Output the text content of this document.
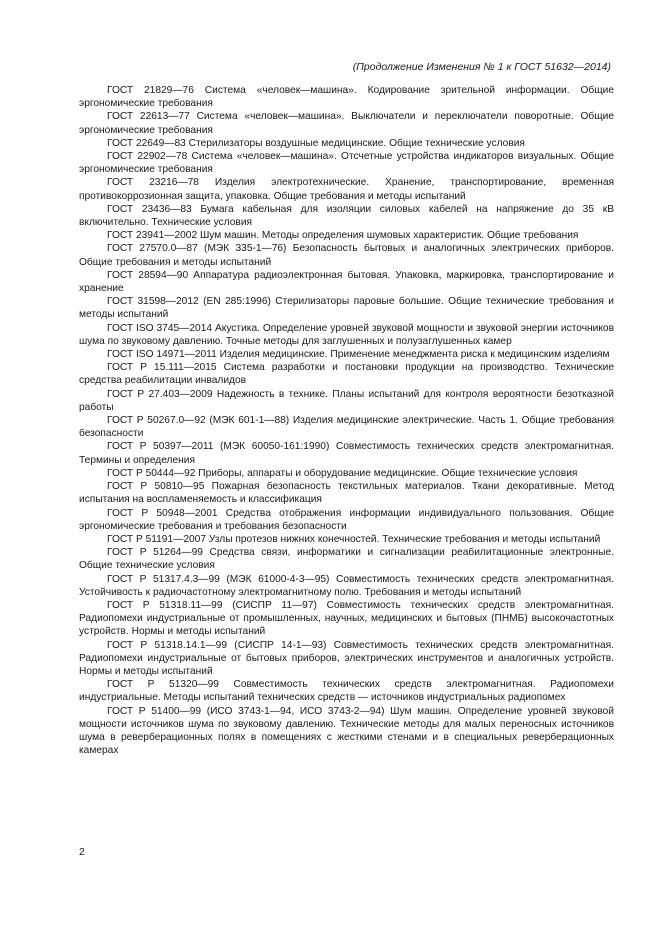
(Продолжение Изменения № 1 к ГОСТ 51632—2014)

ГОСТ 21829—76 Система «человек—машина». Кодирование зрительной информации. Общие эргономические требования

ГОСТ 22613—77 Система «человек—машина». Выключатели и переключатели поворотные. Общие эргономические требования

ГОСТ 22649—83 Стерилизаторы воздушные медицинские. Общие технические условия

ГОСТ 22902—78 Система «человек—машина». Отсчетные устройства индикаторов визуальных. Общие эргономические требования

ГОСТ 23216—78 Изделия электротехнические. Хранение, транспортирование, временная противокоррозионная защита, упаковка. Общие требования и методы испытаний

ГОСТ 23436—83 Бумага кабельная для изоляции силовых кабелей на напряжение до 35 кВ включительно. Технические условия

ГОСТ 23941—2002 Шум машин. Методы определения шумовых характеристик. Общие требования

ГОСТ 27570.0—87 (МЭК 335-1—76) Безопасность бытовых и аналогичных электрических приборов. Общие требования и методы испытаний

ГОСТ 28594—90 Аппаратура радиоэлектронная бытовая. Упаковка, маркировка, транспортирование и хранение

ГОСТ 31598—2012 (EN 285:1996) Стерилизаторы паровые большие. Общие технические требования и методы испытаний

ГОСТ ISO 3745—2014 Акустика. Определение уровней звуковой мощности и звуковой энергии источников шума по звуковому давлению. Точные методы для заглушенных и полузаглушенных камер

ГОСТ ISO 14971—2011 Изделия медицинские. Применение менеджмента риска к медицинским изделиям

ГОСТ Р 15.111—2015 Система разработки и постановки продукции на производство. Технические средства реабилитации инвалидов

ГОСТ Р 27.403—2009 Надежность в технике. Планы испытаний для контроля вероятности безотказной работы

ГОСТ Р 50267.0—92 (МЭК 601-1—88) Изделия медицинские электрические. Часть 1. Общие требования безопасности

ГОСТ Р 50397—2011 (МЭК 60050-161:1990) Совместимость технических средств электромагнитная. Термины и определения

ГОСТ Р 50444—92 Приборы, аппараты и оборудование медицинские. Общие технические условия

ГОСТ Р 50810—95 Пожарная безопасность текстильных материалов. Ткани декоративные. Метод испытания на воспламеняемость и классификация

ГОСТ Р 50948—2001 Средства отображения информации индивидуального пользования. Общие эргономические требования и требования безопасности

ГОСТ Р 51191—2007 Узлы протезов нижних конечностей. Технические требования и методы испытаний

ГОСТ Р 51264—99 Средства связи, информатики и сигнализации реабилитационные электронные. Общие технические условия

ГОСТ Р 51317.4.3—99 (МЭК 61000-4-3—95) Совместимость технических средств электромагнитная. Устойчивость к радиочастотному электромагнитному полю. Требования и методы испытаний

ГОСТ Р 51318.11—99 (СИСПР 11—97) Совместимость технических средств электромагнитная. Радиопомехи индустриальные от промышленных, научных, медицинских и бытовых (ПНМБ) высокочастотных устройств. Нормы и методы испытаний

ГОСТ Р 51318.14.1—99 (СИСПР 14-1—93) Совместимость технических средств электромагнитная. Радиопомехи индустриальные от бытовых приборов, электрических инструментов и аналогичных устройств. Нормы и методы испытаний

ГОСТ Р 51320—99 Совместимость технических средств электромагнитная. Радиопомехи индустриальные. Методы испытаний технических средств — источников индустриальных радиопомех

ГОСТ Р 51400—99 (ИСО 3743-1—94, ИСО 3743-2—94) Шум машин. Определение уровней звуковой мощности источников шума по звуковому давлению. Технические методы для малых переносных источников шума в реверберационных полях в помещениях с жесткими стенами и в специальных реверберационных камерах

2
